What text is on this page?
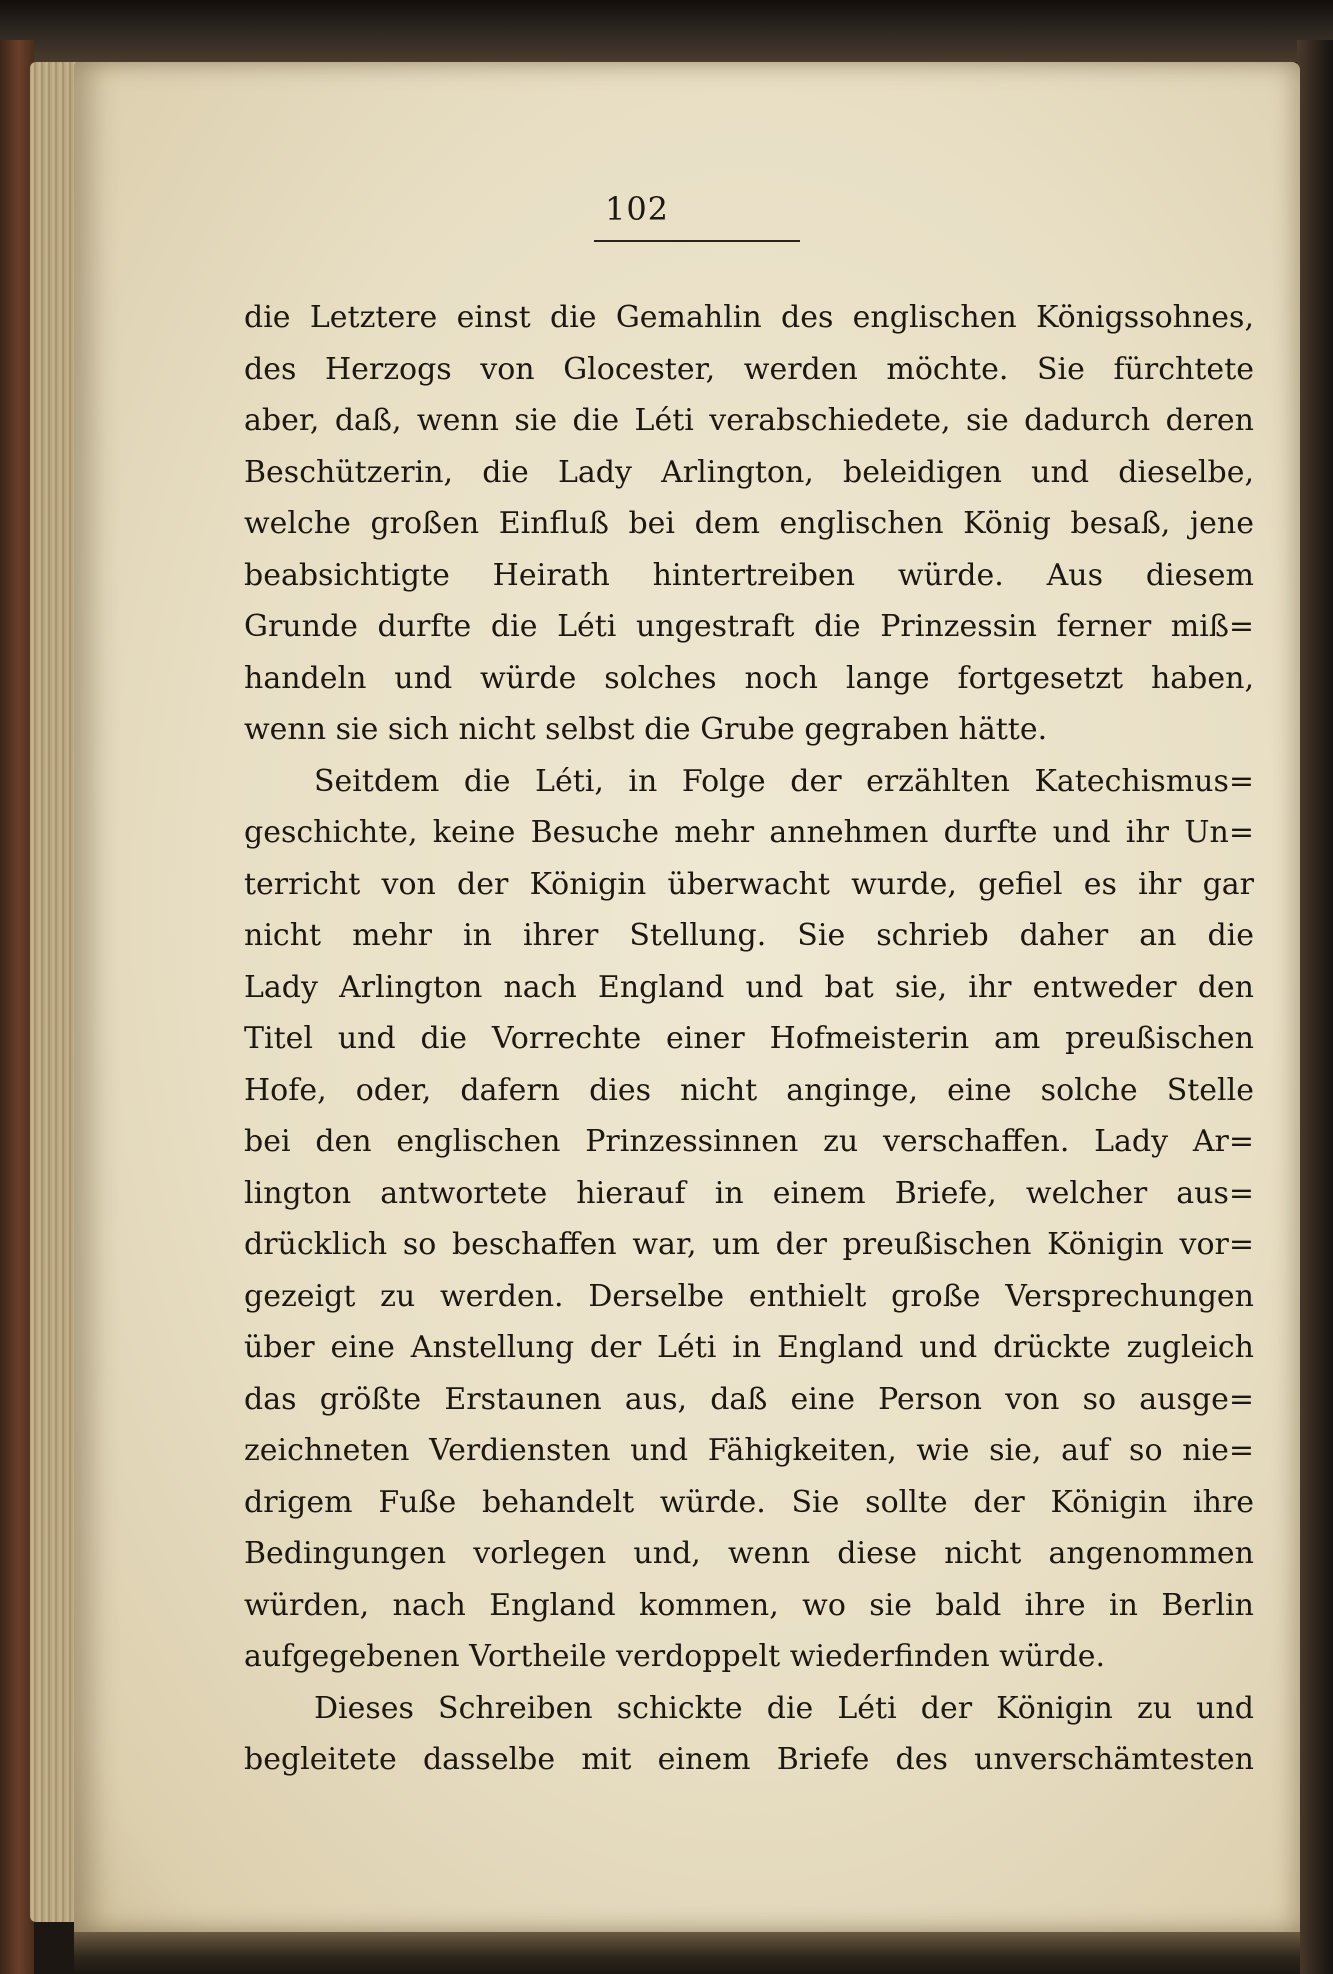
102
die Letztere einst die Gemahlin des englischen Königssohnes,
des Herzogs von Glocester, werden möchte. Sie fürchtete
aber, daß, wenn sie die Léti verabschiedete, sie dadurch deren
Beschützerin, die Lady Arlington, beleidigen und dieselbe,
welche großen Einfluß bei dem englischen König besaß, jene
beabsichtigte Heirath hintertreiben würde. Aus diesem
Grunde durfte die Léti ungestraft die Prinzessin ferner miß=
handeln und würde solches noch lange fortgesetzt haben,
wenn sie sich nicht selbst die Grube gegraben hätte.
Seitdem die Léti, in Folge der erzählten Katechismus=
geschichte, keine Besuche mehr annehmen durfte und ihr Un=
terricht von der Königin überwacht wurde, gefiel es ihr gar
nicht mehr in ihrer Stellung. Sie schrieb daher an die
Lady Arlington nach England und bat sie, ihr entweder den
Titel und die Vorrechte einer Hofmeisterin am preußischen
Hofe, oder, dafern dies nicht anginge, eine solche Stelle
bei den englischen Prinzessinnen zu verschaffen. Lady Ar=
lington antwortete hierauf in einem Briefe, welcher aus=
drücklich so beschaffen war, um der preußischen Königin vor=
gezeigt zu werden. Derselbe enthielt große Versprechungen
über eine Anstellung der Léti in England und drückte zugleich
das größte Erstaunen aus, daß eine Person von so ausge=
zeichneten Verdiensten und Fähigkeiten, wie sie, auf so nie=
drigem Fuße behandelt würde. Sie sollte der Königin ihre
Bedingungen vorlegen und, wenn diese nicht angenommen
würden, nach England kommen, wo sie bald ihre in Berlin
aufgegebenen Vortheile verdoppelt wiederfinden würde.
Dieses Schreiben schickte die Léti der Königin zu und
begleitete dasselbe mit einem Briefe des unverschämtesten
